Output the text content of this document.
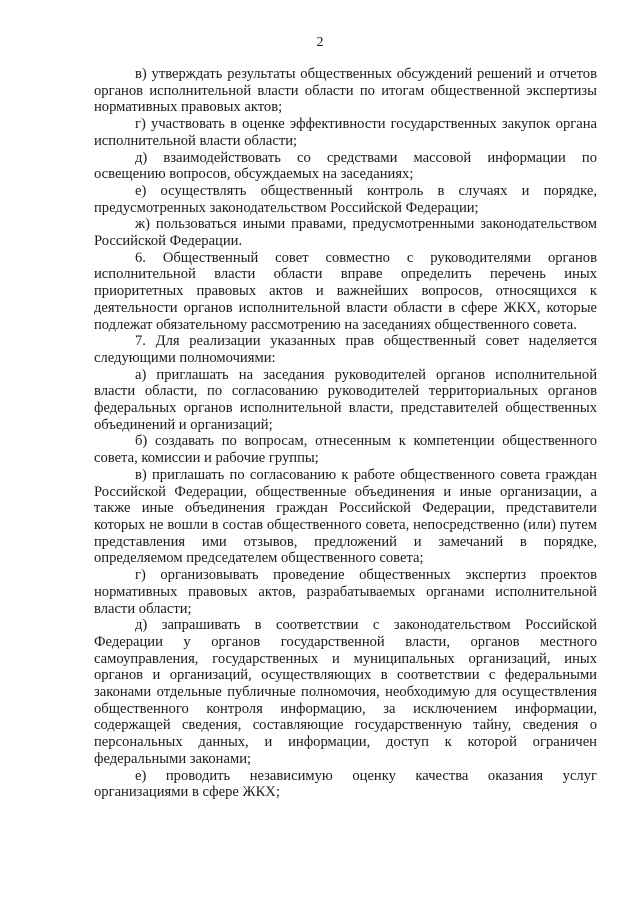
2

в) утверждать результаты общественных обсуждений решений и отчетов органов исполнительной власти области по итогам общественной экспертизы нормативных правовых актов;

г) участвовать в оценке эффективности государственных закупок органа исполнительной власти области;

д) взаимодействовать со средствами массовой информации по освещению вопросов, обсуждаемых на заседаниях;

е) осуществлять общественный контроль в случаях и порядке, предусмотренных законодательством Российской Федерации;

ж) пользоваться иными правами, предусмотренными законодательством Российской Федерации.

6. Общественный совет совместно с руководителями органов исполнительной власти области вправе определить перечень иных приоритетных правовых актов и важнейших вопросов, относящихся к деятельности органов исполнительной власти области в сфере ЖКХ, которые подлежат обязательному рассмотрению на заседаниях общественного совета.

7. Для реализации указанных прав общественный совет наделяется следующими полномочиями:

а) приглашать на заседания руководителей органов исполнительной власти области, по согласованию руководителей территориальных органов федеральных органов исполнительной власти, представителей общественных объединений и организаций;

б) создавать по вопросам, отнесенным к компетенции общественного совета, комиссии и рабочие группы;

в) приглашать по согласованию к работе общественного совета граждан Российской Федерации, общественные объединения и иные организации, а также иные объединения граждан Российской Федерации, представители которых не вошли в состав общественного совета, непосредственно (или) путем представления ими отзывов, предложений и замечаний в порядке, определяемом председателем общественного совета;

г) организовывать проведение общественных экспертиз проектов нормативных правовых актов, разрабатываемых органами исполнительной власти области;

д) запрашивать в соответствии с законодательством Российской Федерации у органов государственной власти, органов местного самоуправления, государственных и муниципальных организаций, иных органов и организаций, осуществляющих в соответствии с федеральными законами отдельные публичные полномочия, необходимую для осуществления общественного контроля информацию, за исключением информации, содержащей сведения, составляющие государственную тайну, сведения о персональных данных, и информации, доступ к которой ограничен федеральными законами;

е) проводить независимую оценку качества оказания услуг организациями в сфере ЖКХ;
